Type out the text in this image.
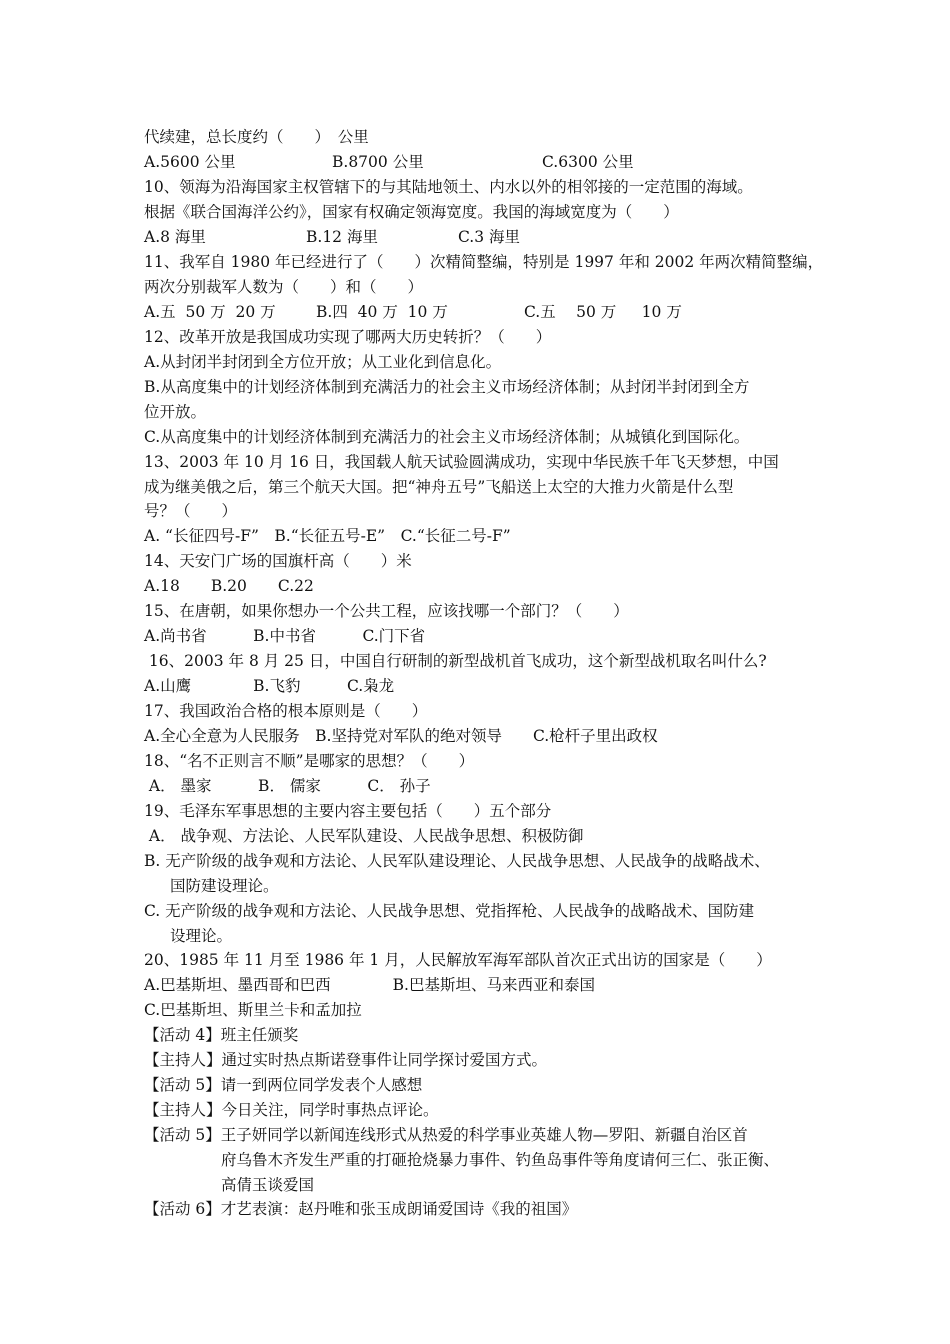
代续建，总长度约（　　）　公里
A.5600 公里	B.8700 公里	C.6300 公里
10、领海为沿海国家主权管辖下的与其陆地领土、内水以外的相邻接的一定范围的海域。
根据《联合国海洋公约》，国家有权确定领海宽度。我国的海域宽度为（　　）
A.8 海里	B.12 海里	C.3 海里
11、我军自 1980 年已经进行了（　　）次精简整编，特别是 1997 年和 2002 年两次精简整编，
两次分别裁军人数为（　　）和（　　）
A.五  50 万  20 万	B.四  40 万  10 万	C.五　 50 万　  10 万
12、改革开放是我国成功实现了哪两大历史转折？（　　）
A.从封闭半封闭到全方位开放；从工业化到信息化。
B.从高度集中的计划经济体制到充满活力的社会主义市场经济体制；从封闭半封闭到全方
位开放。
C.从高度集中的计划经济体制到充满活力的社会主义市场经济体制；从城镇化到国际化。
13、2003 年 10 月 16 日，我国载人航天试验圆满成功，实现中华民族千年飞天梦想，中国
成为继美俄之后，第三个航天大国。把“神舟五号”飞船送上太空的大推力火箭是什么型
号？（　　）
A. “长征四号-F”　B.“长征五号-E”　C.“长征二号-F”
14、天安门广场的国旗杆高（　　）米
A.18　　B.20　　C.22
15、在唐朝，如果你想办一个公共工程，应该找哪一个部门？（　　）
A.尚书省　　　B.中书省　　　C.门下省
16、2003 年 8 月 25 日，中国自行研制的新型战机首飞成功，这个新型战机取名叫什么?
A.山鹰　　　　B.飞豹　　　C.枭龙
17、我国政治合格的根本原则是（　　）
A.全心全意为人民服务　B.坚持党对军队的绝对领导　　C.枪杆子里出政权
18、“名不正则言不顺”是哪家的思想？（　　）
A． 墨家　　　B． 儒家　　　C． 孙子
19、毛泽东军事思想的主要内容主要包括（　　）五个部分
A． 战争观、方法论、人民军队建设、人民战争思想、积极防御
B. 无产阶级的战争观和方法论、人民军队建设理论、人民战争思想、人民战争的战略战术、
国防建设理论。
C. 无产阶级的战争观和方法论、人民战争思想、党指挥枪、人民战争的战略战术、国防建
设理论。
20、1985 年 11 月至 1986 年 1 月，人民解放军海军部队首次正式出访的国家是（　　）
A.巴基斯坦、墨西哥和巴西　　　　B.巴基斯坦、马来西亚和泰国
C.巴基斯坦、斯里兰卡和孟加拉
【活动 4】班主任颁奖
【主持人】通过实时热点斯诺登事件让同学探讨爱国方式。
【活动 5】请一到两位同学发表个人感想
【主持人】今日关注，同学时事热点评论。
【活动 5】王子妍同学以新闻连线形式从热爱的科学事业英雄人物—罗阳、新疆自治区首
府乌鲁木齐发生严重的打砸抢烧暴力事件、钓鱼岛事件等角度请何三仁、张正衡、
高倩玉谈爱国
【活动 6】才艺表演：赵丹唯和张玉成朗诵爱国诗《我的祖国》
